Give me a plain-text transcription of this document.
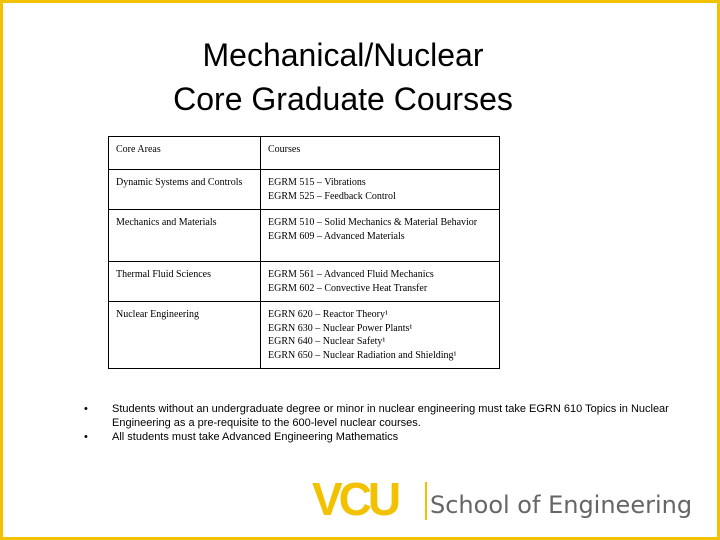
Mechanical/Nuclear
Core Graduate Courses
Core Areas	Courses
Dynamic Systems and Controls	EGRM 515 – Vibrations
EGRM 525 – Feedback Control

Mechanics and Materials	EGRM 510 – Solid Mechanics & Material Behavior
EGRM 609 – Advanced Materials

Thermal Fluid Sciences	EGRM 561 – Advanced Fluid Mechanics
EGRM 602 – Convective Heat Transfer

Nuclear Engineering	EGRN 620 – Reactor Theory¹
EGRN 630 – Nuclear Power Plants¹
EGRN 640 – Nuclear Safety¹
EGRN 650 – Nuclear Radiation and Shielding¹
• Students without an undergraduate degree or minor in nuclear engineering must take EGRN 610 Topics in Nuclear Engineering as a pre-requisite to the 600-level nuclear courses.
• All students must take Advanced Engineering Mathematics
VCU School of Engineering
